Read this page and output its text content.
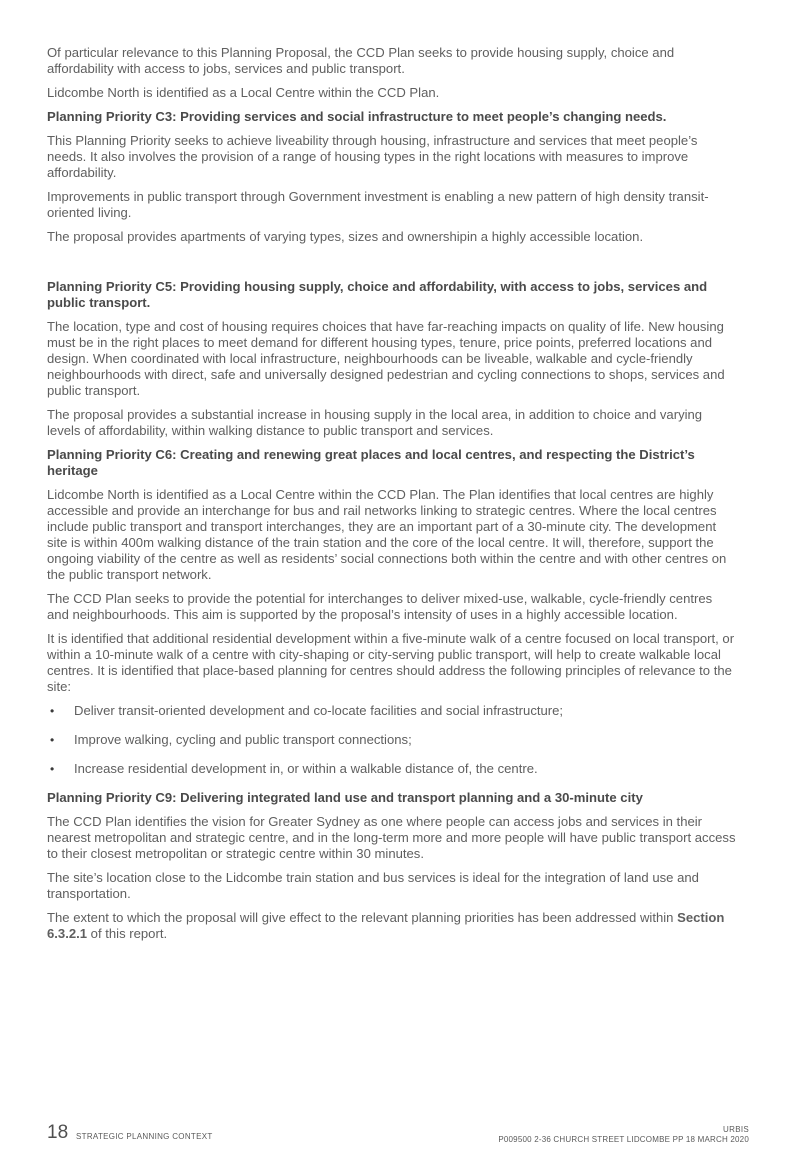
Of particular relevance to this Planning Proposal, the CCD Plan seeks to provide housing supply, choice and affordability with access to jobs, services and public transport.

Lidcombe North is identified as a Local Centre within the CCD Plan.

Planning Priority C3: Providing services and social infrastructure to meet people’s changing needs.

This Planning Priority seeks to achieve liveability through housing, infrastructure and services that meet people’s needs. It also involves the provision of a range of housing types in the right locations with measures to improve affordability.

Improvements in public transport through Government investment is enabling a new pattern of high density transit-oriented living.

The proposal provides apartments of varying types, sizes and ownershipin a highly accessible location.

Planning Priority C5: Providing housing supply, choice and affordability, with access to jobs, services and public transport.

The location, type and cost of housing requires choices that have far-reaching impacts on quality of life. New housing must be in the right places to meet demand for different housing types, tenure, price points, preferred locations and design. When coordinated with local infrastructure, neighbourhoods can be liveable, walkable and cycle-friendly neighbourhoods with direct, safe and universally designed pedestrian and cycling connections to shops, services and public transport.

The proposal provides a substantial increase in housing supply in the local area, in addition to choice and varying levels of affordability, within walking distance to public transport and services.

Planning Priority C6: Creating and renewing great places and local centres, and respecting the District’s heritage

Lidcombe North is identified as a Local Centre within the CCD Plan. The Plan identifies that local centres are highly accessible and provide an interchange for bus and rail networks linking to strategic centres. Where the local centres include public transport and transport interchanges, they are an important part of a 30-minute city. The development site is within 400m walking distance of the train station and the core of the local centre. It will, therefore, support the ongoing viability of the centre as well as residents’ social connections both within the centre and with other centres on the public transport network.

The CCD Plan seeks to provide the potential for interchanges to deliver mixed-use, walkable, cycle-friendly centres and neighbourhoods. This aim is supported by the proposal’s intensity of uses in a highly accessible location.

It is identified that additional residential development within a five-minute walk of a centre focused on local transport, or within a 10-minute walk of a centre with city-shaping or city-serving public transport, will help to create walkable local centres. It is identified that place-based planning for centres should address the following principles of relevance to the site:

• Deliver transit-oriented development and co-locate facilities and social infrastructure;
• Improve walking, cycling and public transport connections;
• Increase residential development in, or within a walkable distance of, the centre.

Planning Priority C9: Delivering integrated land use and transport planning and a 30-minute city

The CCD Plan identifies the vision for Greater Sydney as one where people can access jobs and services in their nearest metropolitan and strategic centre, and in the long-term more and more people will have public transport access to their closest metropolitan or strategic centre within 30 minutes.

The site’s location close to the Lidcombe train station and bus services is ideal for the integration of land use and transportation.

The extent to which the proposal will give effect to the relevant planning priorities has been addressed within Section 6.3.2.1 of this report.

18 STRATEGIC PLANNING CONTEXT
URBIS
P009500 2-36 CHURCH STREET LIDCOMBE PP 18 MARCH 2020
